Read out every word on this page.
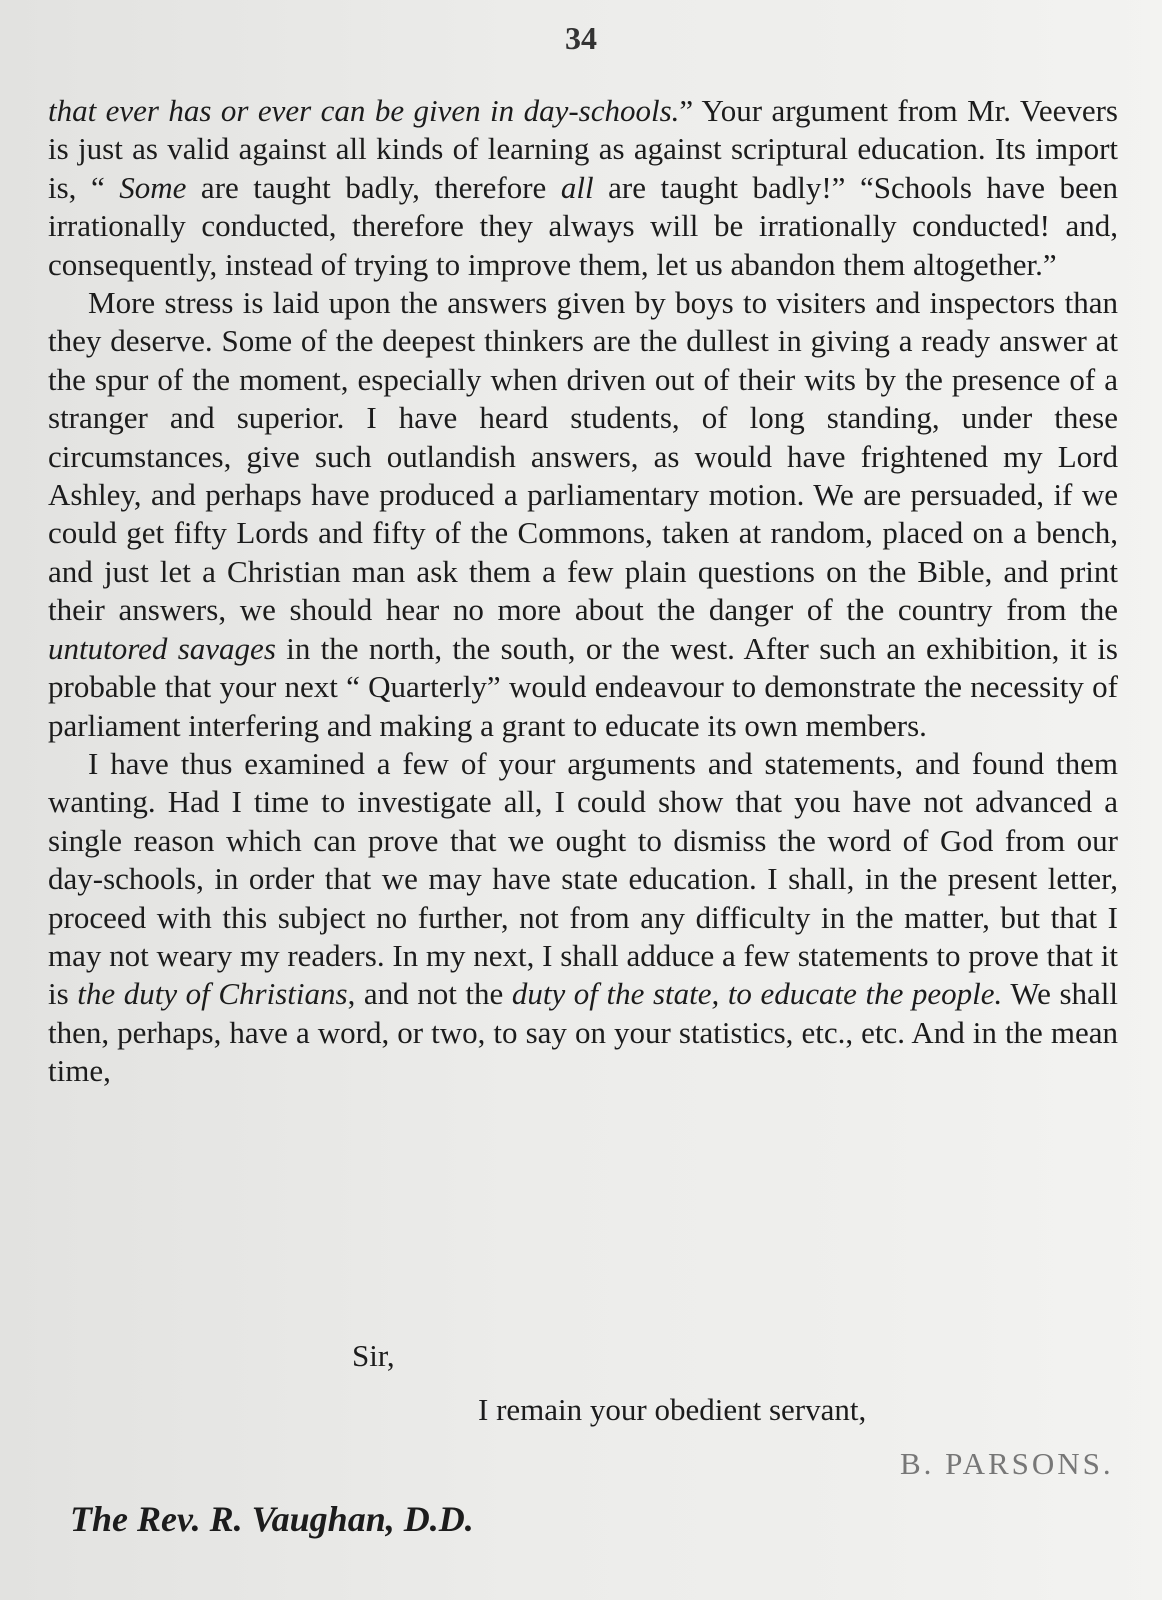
34

that ever has or ever can be given in day-schools.” Your argument from Mr. Veevers is just as valid against all kinds of learning as against scriptural education. Its import is, “ Some are taught badly, therefore all are taught badly!” “Schools have been irrationally conducted, therefore they always will be irrationally conducted! and, consequently, instead of trying to improve them, let us abandon them altogether.”

More stress is laid upon the answers given by boys to visiters and inspectors than they deserve. Some of the deepest thinkers are the dullest in giving a ready answer at the spur of the moment, especially when driven out of their wits by the presence of a stranger and superior. I have heard students, of long standing, under these circumstances, give such outlandish answers, as would have frightened my Lord Ashley, and perhaps have produced a parliamentary motion. We are persuaded, if we could get fifty Lords and fifty of the Commons, taken at random, placed on a bench, and just let a Christian man ask them a few plain questions on the Bible, and print their answers, we should hear no more about the danger of the country from the untutored savages in the north, the south, or the west. After such an exhibition, it is probable that your next “ Quarterly” would endeavour to demonstrate the necessity of parliament interfering and making a grant to educate its own members.

I have thus examined a few of your arguments and statements, and found them wanting. Had I time to investigate all, I could show that you have not advanced a single reason which can prove that we ought to dismiss the word of God from our day-schools, in order that we may have state education. I shall, in the present letter, proceed with this subject no further, not from any difficulty in the matter, but that I may not weary my readers. In my next, I shall adduce a few statements to prove that it is the duty of Christians, and not the duty of the state, to educate the people. We shall then, perhaps, have a word, or two, to say on your statistics, etc., etc. And in the mean time,

Sir,
I remain your obedient servant,
B. PARSONS.
The Rev. R. Vaughan, D.D.
